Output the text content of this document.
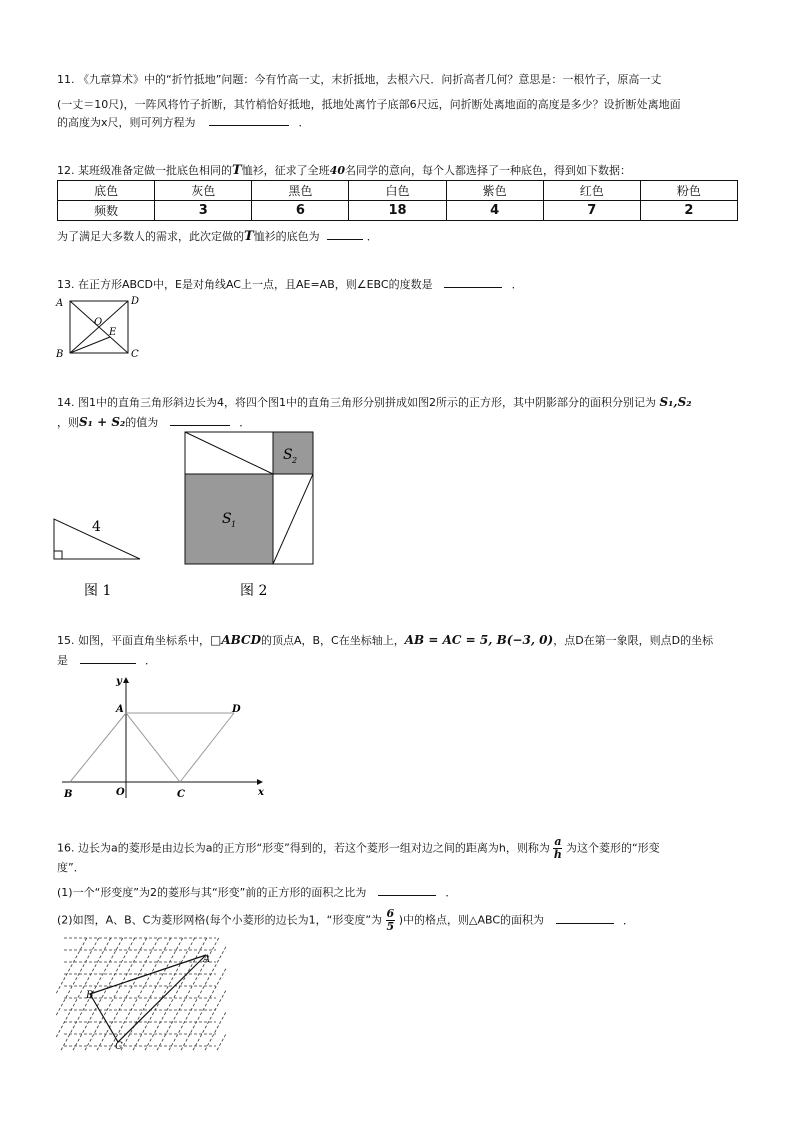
11. 《九章算术》中的“折竹抵地”问题：今有竹高一丈，末折抵地，去根六尺．问折高者几何？意思是：一根竹子，原高一丈
(一丈＝10尺)，一阵风将竹子折断，其竹梢恰好抵地，抵地处离竹子底部6尺远，问折断处离地面的高度是多少？设折断处离地面
的高度为x尺，则可列方程为	．
12. 某班级准备定做一批底色相同的T恤衫，征求了全班40名同学的意向，每个人都选择了一种底色，得到如下数据：
底色	灰色	黑色	白色	紫色	红色	粉色
频数	3	6	18	4	7	2
为了满足大多数人的需求，此次定做的T恤衫的底色为	．
13. 在正方形ABCD中，E是对角线AC上一点，且AE=AB，则∠EBC的度数是	．
A	D
O
E
B	C
14. 图1中的直角三角形斜边长为4，将四个图1中的直角三角形分别拼成如图2所示的正方形，其中阴影部分的面积分别记为 S₁,S₂
，则S₁ + S₂的值为	．
4
图 1
S 2
S 1
图 2
15. 如图，平面直角坐标系中，□ABCD的顶点A，B，C在坐标轴上，AB = AC = 5, B(−3, 0)，点D在第一象限，则点D的坐标
是	．
y
A	D
B	O	C	x
16. 边长为a的菱形是由边长为a的正方形“形变”得到的，若这个菱形一组对边之间的距离为h，则称为 $\frac{a}{h}$ 为这个菱形的“形变
度”．
(1)一个“形变度”为2的菱形与其“形变”前的正方形的面积之比为	．
(2)如图，A、B、C为菱形网格(每个小菱形的边长为1，“形变度”为 $\frac{6}{5}$ )中的格点，则△ABC的面积为	．
A
B
C
